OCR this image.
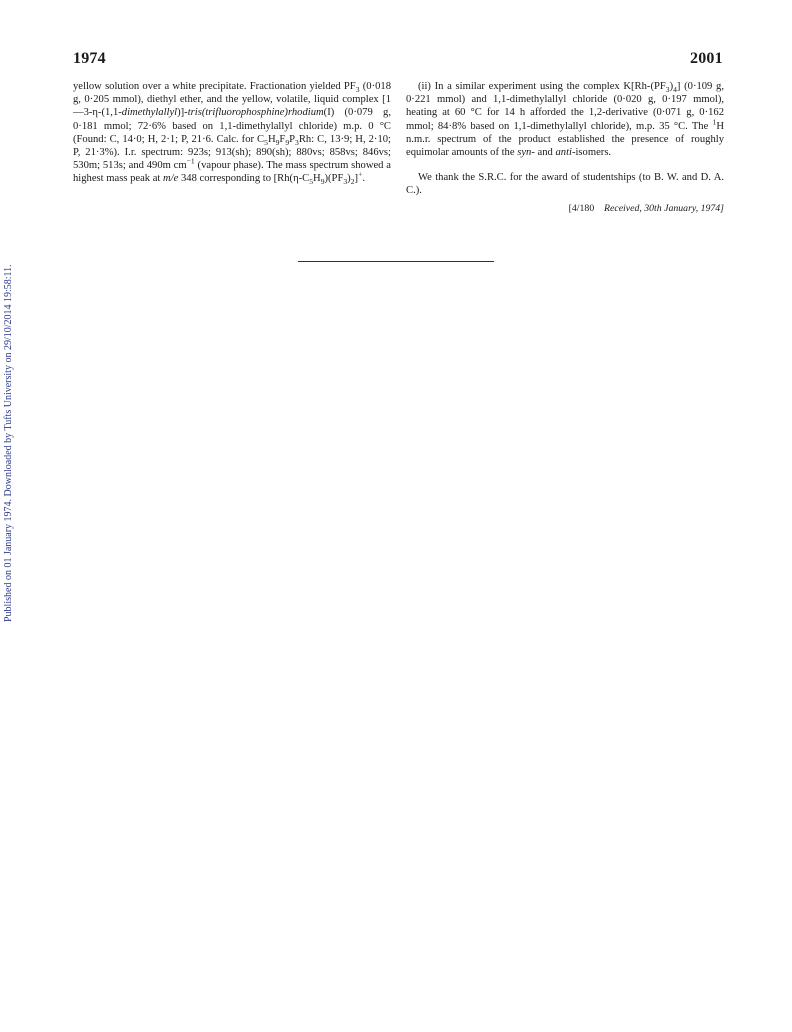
1974	2001

yellow solution over a white precipitate. Fractionation yielded $PF_3$ (0·018 g, 0·205 mmol), diethyl ether, and the yellow, volatile, liquid complex [1—3-η-(1,1-dimethylallyl)]-tris(trifluorophosphine)rhodium(I) (0·079 g, 0·181 mmol; 72·6% based on 1,1-dimethylallyl chloride) m.p. 0 °C (Found: C, 14·0; H, 2·1; P, 21·6. Calc. for $C_5H_9F_9P_3Rh$: C, 13·9; H, 2·10; P, 21·3%). I.r. spectrum: 923s; 913(sh); 890(sh); 880vs; 858vs; 846vs; 530m; 513s; and 490m $cm^{-1}$ (vapour phase). The mass spectrum showed a highest mass peak at m/e 348 corresponding to $[Rh(\eta-C_5H_9)(PF_3)_2]^+$.

(ii) In a similar experiment using the complex $K[Rh-(PF_3)_4]$ (0·109 g, 0·221 mmol) and 1,1-dimethylallyl chloride (0·020 g, 0·197 mmol), heating at 60 °C for 14 h afforded the 1,2-derivative (0·071 g, 0·162 mmol; 84·8% based on 1,1-dimethylallyl chloride), m.p. 35 °C. The $^1$H n.m.r. spectrum of the product established the presence of roughly equimolar amounts of the syn- and anti-isomers.

We thank the S.R.C. for the award of studentships (to B. W. and D. A. C.).

[4/180 Received, 30th January, 1974]

Published on 01 January 1974. Downloaded by Tufts University on 29/10/2014 19:58:11.
